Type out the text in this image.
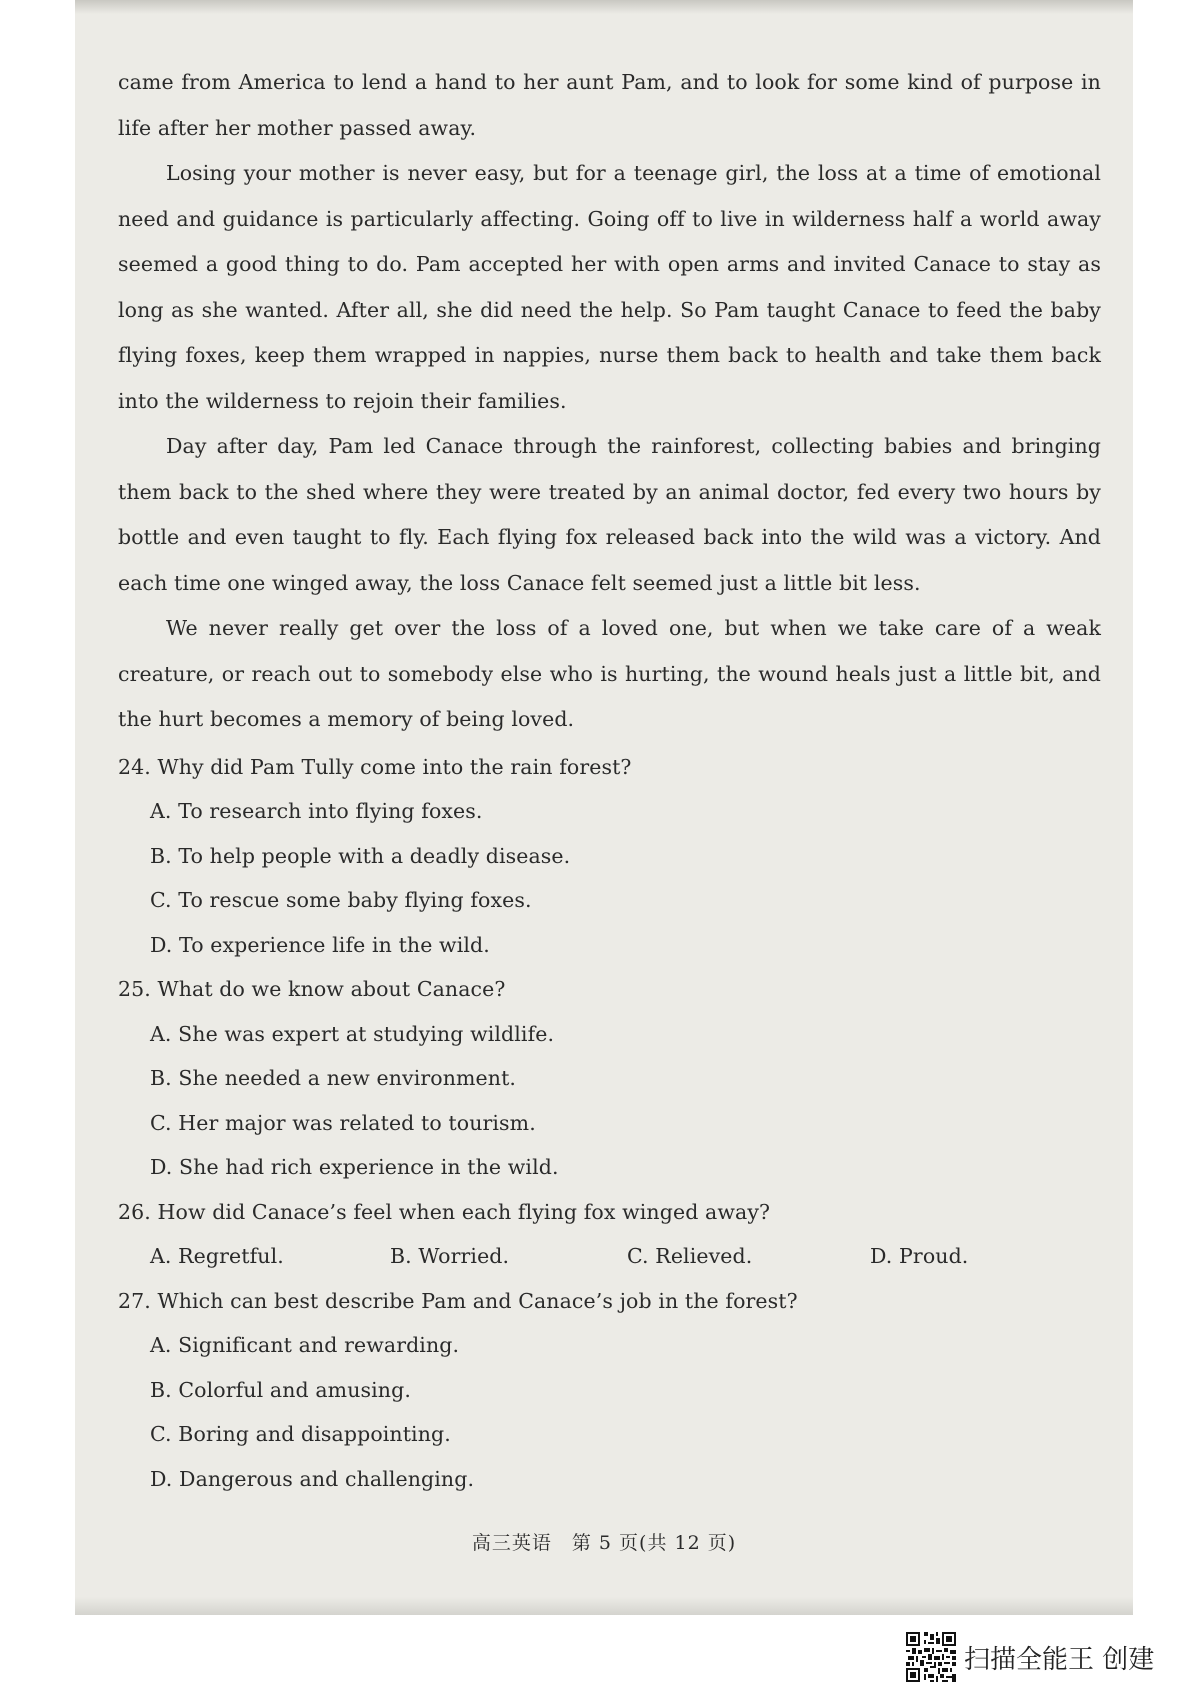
came from America to lend a hand to her aunt Pam, and to look for some kind of purpose in life after her mother passed away.

Losing your mother is never easy, but for a teenage girl, the loss at a time of emotional need and guidance is particularly affecting. Going off to live in wilderness half a world away seemed a good thing to do. Pam accepted her with open arms and invited Canace to stay as long as she wanted. After all, she did need the help. So Pam taught Canace to feed the baby flying foxes, keep them wrapped in nappies, nurse them back to health and take them back into the wilderness to rejoin their families.

Day after day, Pam led Canace through the rainforest, collecting babies and bringing them back to the shed where they were treated by an animal doctor, fed every two hours by bottle and even taught to fly. Each flying fox released back into the wild was a victory. And each time one winged away, the loss Canace felt seemed just a little bit less.

We never really get over the loss of a loved one, but when we take care of a weak creature, or reach out to somebody else who is hurting, the wound heals just a little bit, and the hurt becomes a memory of being loved.

24. Why did Pam Tully come into the rain forest?
A. To research into flying foxes.
B. To help people with a deadly disease.
C. To rescue some baby flying foxes.
D. To experience life in the wild.
25. What do we know about Canace?
A. She was expert at studying wildlife.
B. She needed a new environment.
C. Her major was related to tourism.
D. She had rich experience in the wild.
26. How did Canace’s feel when each flying fox winged away?
A. Regretful.	B. Worried.	C. Relieved.	D. Proud.
27. Which can best describe Pam and Canace’s job in the forest?
A. Significant and rewarding.
B. Colorful and amusing.
C. Boring and disappointing.
D. Dangerous and challenging.
高三英语　第 5 页(共 12 页)
扫描全能王 创建
